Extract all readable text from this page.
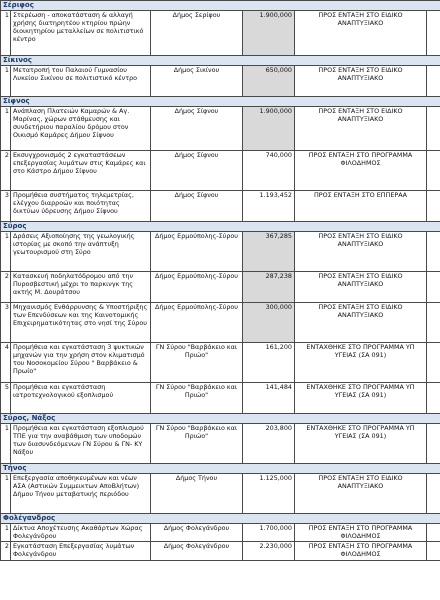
Σέριφος					
1	Στερέωση - αποκατάσταση & αλλαγή χρήσης διατηρητέου κτηρίου πρώην διοικητηρίου μεταλλείων σε πολιτιστικό κέντρο	Δήμος Σερίφου	1.900,000	ΠΡΟΣ ΕΝΤΑΞΗ ΣΤΟ ΕΙΔΙΚΟ ΑΝΑΠΤΥΞΙΑΚΟ	
Σίκινος					
1	Μετατροπή του Παλαιού Γυμνασίου Λυκείου Σικίνου σε πολιτιστικό κέντρο	Δήμος Σικίνου	650,000	ΠΡΟΣ ΕΝΤΑΞΗ ΣΤΟ ΕΙΔΙΚΟ ΑΝΑΠΤΥΞΙΑΚΟ	
Σίφνος					
1	Ανάπλαση Πλατειών Καμαρών & Αγ. Μαρίνας, χώρων στάθμευσης και συνδετήριου παραλίου δρόμου στον Οικισμό Καμάρες Δήμου Σίφνου	Δήμος Σίφνου	1.900,000	ΠΡΟΣ ΕΝΤΑΞΗ ΣΤΟ ΕΙΔΙΚΟ ΑΝΑΠΤΥΞΙΑΚΟ	
2	Εκσυγχρονισμός 2 εγκαταστάσεων επεξεργασίας λυμάτων στις Καμάρες και στο Κάστρο Δήμου Σίφνου	Δήμος Σίφνου	740,000	ΠΡΟΣ ΕΝΤΑΞΗ ΣΤΟ ΠΡΟΓΡΑΜΜΑ ΦΙΛΟΔΗΜΟΣ	
3	Προμήθεια συστήματος τηλεμετρίας, ελέγχου διαρροών και ποιότητας δικτύων ύδρευσης Δήμου Σίφνου	Δήμος Σίφνου	1.193,452	ΠΡΟΣ ΕΝΤΑΞΗ ΣΤΟ ΕΠΠΕΡΑΑ	
Σύρος					
1	Δράσεις Αξιοποίησης της γεωλογικής ιστορίας με σκοπό την ανάπτυξη γεωτουρισμού στη Σύρο	Δήμος Ερμούπολης-Σύρου	367,285	ΠΡΟΣ ΕΝΤΑΞΗ ΣΤΟ ΕΙΔΙΚΟ ΑΝΑΠΤΥΞΙΑΚΟ	
2	Κατασκευή ποδηλατόδρομου από την Πυροσβεστική μέχρι το παρκινγκ της ακτής Μ. Δουράτσου	Δήμος Ερμούπολης-Σύρου	287,238	ΠΡΟΣ ΕΝΤΑΞΗ ΣΤΟ ΕΙΔΙΚΟ ΑΝΑΠΤΥΞΙΑΚΟ	
3	Μηχανισμός Ενθάρρυνσης & Υποστήριξης των Επενδύσεων και της Καινοτομικής Επιχειρηματικότητας στο νησί της Σύρου	Δήμος Ερμούπολης-Σύρου	300,000	ΠΡΟΣ ΕΝΤΑΞΗ ΣΤΟ ΕΙΔΙΚΟ ΑΝΑΠΤΥΞΙΑΚΟ	
4	Προμήθεια και εγκατάσταση 3 ψυκτικών μηχανών για την χρήση στον κλιματισμό του Νοσοκομείου Σύρου " Βαρβάκειο & Πρωίο"	ΓΝ Σύρου "Βαρβάκειο και Πριώο"	161,200	ΕΝΤΑΧΘΗΚΕ ΣΤΟ ΠΡΟΓΡΑΜΜΑ ΥΠ ΥΓΕΙΑΣ (ΣΑ 091)	
5	Προμήθεια και εγκατάσταση ιατροτεχνολογικού εξοπλισμού	ΓΝ Σύρου "Βαρβάκειο και Πριώο"	141,484	ΕΝΤΑΧΘΗΚΕ ΣΤΟ ΠΡΟΓΡΑΜΜΑ ΥΠ ΥΓΕΙΑΣ (ΣΑ 091)	
Σύρος, Νάξος					
1	Προμήθεια και εγκατάσταση εξοπλισμού ΤΠΕ για την αναβάθμιση των υποδομών των διασυνδεόμενων ΓΝ Σύρου & ΓΝ- ΚΥ Νάξου	ΓΝ Σύρου "Βαρβάκειο και Πριώο"	203,800	ΕΝΤΑΧΘΗΚΕ ΣΤΟ ΠΡΟΓΡΑΜΜΑ ΥΠ ΥΓΕΙΑΣ (ΣΑ 091)	
Τήνος					
1	Επεξεργασία αποθηκευμένων και νέων ΑΣΑ (Αστικών Συμμεικτων ΑποΒλήτων) Δήμου Τήνου μεταβατικής περιόδου	Δήμος Τήνου	1.125,000	ΠΡΟΣ ΕΝΤΑΞΗ ΣΤΟ ΕΙΔΙΚΟ ΑΝΑΠΤΥΞΙΑΚΟ	
Φολέγανδρος					
1	Δίκτυα Αποχέτευσης Ακαθάρτων Χώρας Φολεγάνδρου	Δήμος Φολεγάνδρου	1.700,000	ΠΡΟΣ ΕΝΤΑΞΗ ΣΤΟ ΠΡΟΓΡΑΜΜΑ ΦΙΛΟΔΗΜΟΣ	
2	Εγκατάσταση Επεξεργασίας λυμάτων Φολεγάνδρου	Δήμος Φολεγάνδρου	2.230,000	ΠΡΟΣ ΕΝΤΑΞΗ ΣΤΟ ΠΡΟΓΡΑΜΜΑ ΦΙΛΟΔΗΜΟΣ	
